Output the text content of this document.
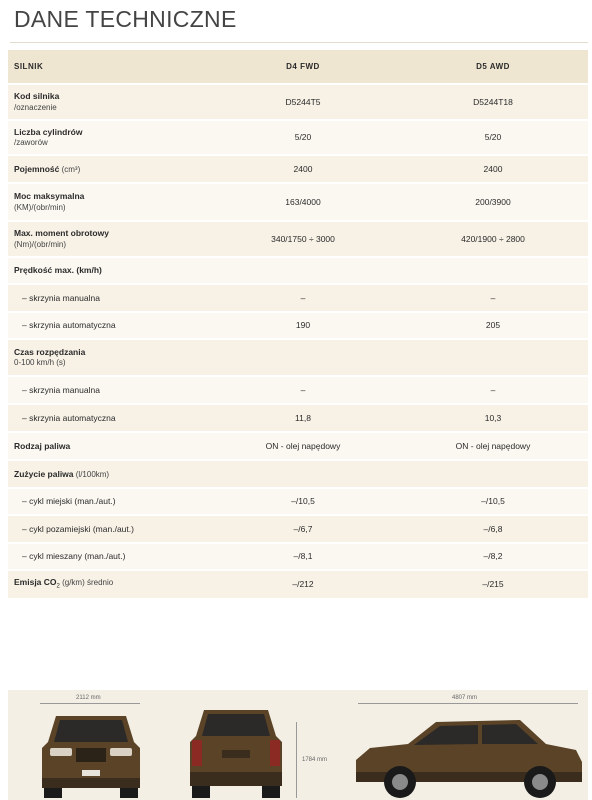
DANE TECHNICZNE
SILNIK	D4 FWD	D5 AWD
Kod silnika
/oznaczenie	D5244T5	D5244T18
Liczba cylindrów
/zaworów	5/20	5/20
Pojemność (cm³)	2400	2400
Moc maksymalna
(KM)/(obr/min)	163/4000	200/3900
Max. moment obrotowy
(Nm)/(obr/min)	340/1750 ÷ 3000	420/1900 ÷ 2800
Prędkość max. (km/h)		
– skrzynia manualna	–	–
– skrzynia automatyczna	190	205
Czas rozpędzania
0-100 km/h (s)		
– skrzynia manualna	–	–
– skrzynia automatyczna	11,8	10,3
Rodzaj paliwa	ON - olej napędowy	ON - olej napędowy
Zużycie paliwa (l/100km)		
– cykl miejski (man./aut.)	–/10,5	–/10,5
– cykl pozamiejski (man./aut.)	–/6,7	–/6,8
– cykl mieszany (man./aut.)	–/8,1	–/8,2
Emisja $CO_2$ (g/km) średnio	–/212	–/215
2112 mm
1784 mm
4807 mm
